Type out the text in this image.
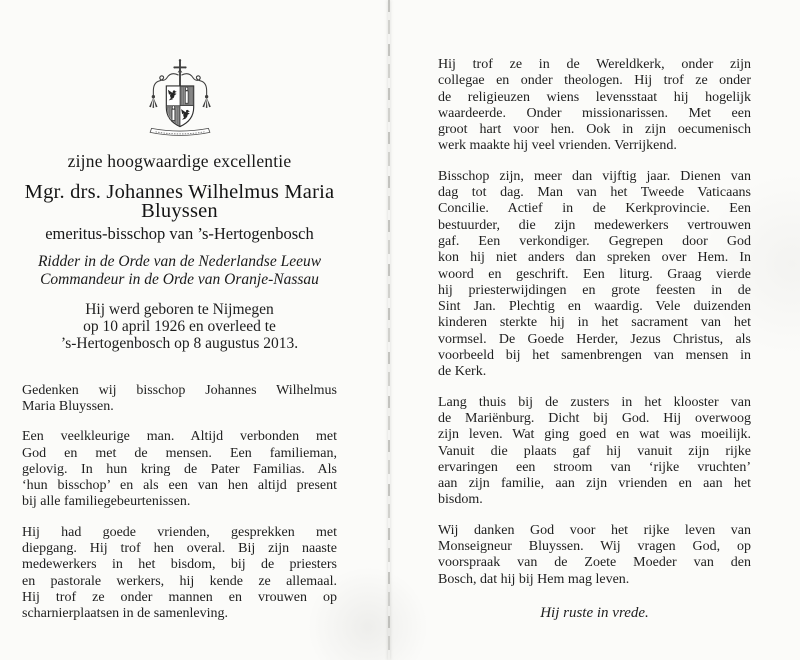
zijne hoogwaardige excellentie
Mgr. drs. Johannes Wilhelmus Maria
Bluyssen
emeritus-bisschop van ’s-Hertogenbosch
Ridder in de Orde van de Nederlandse Leeuw
Commandeur in de Orde van Oranje-Nassau
Hij werd geboren te Nijmegen
op 10 april 1926 en overleed te
’s-Hertogenbosch op 8 augustus 2013.
Gedenken wij bisschop Johannes Wilhelmus
Maria Bluyssen.
Een veelkleurige man. Altijd verbonden met
God en met de mensen. Een familieman,
gelovig. In hun kring de Pater Familias. Als
‘hun bisschop’ en als een van hen altijd present
bij alle familiegebeurtenissen.
Hij had goede vrienden, gesprekken met
diepgang. Hij trof hen overal. Bij zijn naaste
medewerkers in het bisdom, bij de priesters
en pastorale werkers, hij kende ze allemaal.
Hij trof ze onder mannen en vrouwen op
scharnierplaatsen in de samenleving.
Hij trof ze in de Wereldkerk, onder zijn
collegae en onder theologen. Hij trof ze onder
de religieuzen wiens levensstaat hij hogelijk
waardeerde. Onder missionarissen. Met een
groot hart voor hen. Ook in zijn oecumenisch
werk maakte hij veel vrienden. Verrijkend.
Bisschop zijn, meer dan vijftig jaar. Dienen van
dag tot dag. Man van het Tweede Vaticaans
Concilie. Actief in de Kerkprovincie. Een
bestuurder, die zijn medewerkers vertrouwen
gaf. Een verkondiger. Gegrepen door God
kon hij niet anders dan spreken over Hem. In
woord en geschrift. Een liturg. Graag vierde
hij priesterwijdingen en grote feesten in de
Sint Jan. Plechtig en waardig. Vele duizenden
kinderen sterkte hij in het sacrament van het
vormsel. De Goede Herder, Jezus Christus, als
voorbeeld bij het samenbrengen van mensen in
de Kerk.
Lang thuis bij de zusters in het klooster van
de Mariënburg. Dicht bij God. Hij overwoog
zijn leven. Wat ging goed en wat was moeilijk.
Vanuit die plaats gaf hij vanuit zijn rijke
ervaringen een stroom van ‘rijke vruchten’
aan zijn familie, aan zijn vrienden en aan het
bisdom.
Wij danken God voor het rijke leven van
Monseigneur Bluyssen. Wij vragen God, op
voorspraak van de Zoete Moeder van den
Bosch, dat hij bij Hem mag leven.
Hij ruste in vrede.
